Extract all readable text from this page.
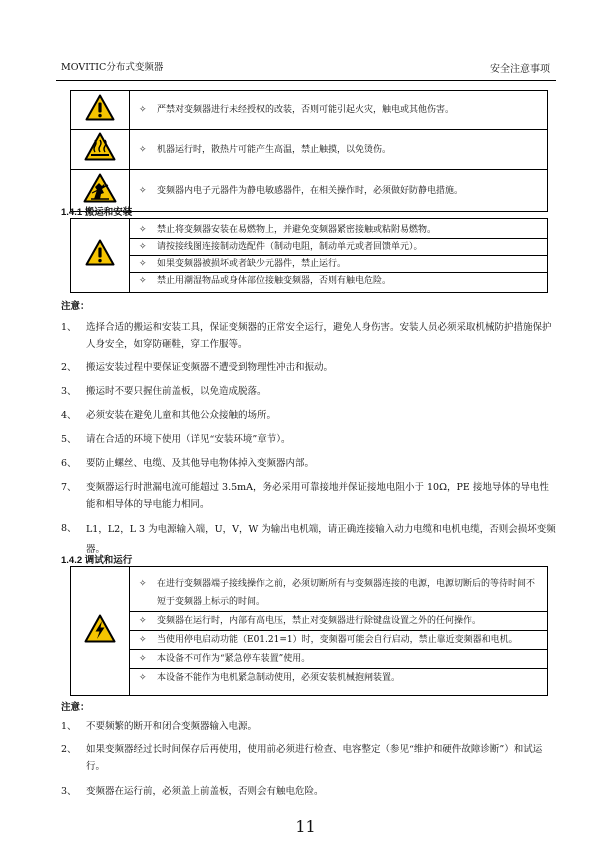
MOVITIC分布式变频器	安全注意事项

✧ 严禁对变频器进行未经授权的改装，否则可能引起火灾，触电或其他伤害。

✧ 机器运行时，散热片可能产生高温，禁止触摸，以免烫伤。

✧ 变频器内电子元器件为静电敏感器件，在相关操作时，必须做好防静电措施。
1.4.1 搬运和安装

✧	禁止将变频器安装在易燃物上，并避免变频器紧密接触或粘附易燃物。
✧	请按接线图连接制动选配件（制动电阻，制动单元或者回馈单元）。
✧	如果变频器被损坏或者缺少元器件，禁止运行。
✧	禁止用潮湿物品或身体部位接触变频器，否则有触电危险。
注意：
1、 选择合适的搬运和安装工具，保证变频器的正常安全运行，避免人身伤害。安装人员必须采取机械防护措施保护人身安全，如穿防砸鞋，穿工作服等。
2、 搬运安装过程中要保证变频器不遭受到物理性冲击和振动。
3、 搬运时不要只握住前盖板，以免造成脱落。
4、 必须安装在避免儿童和其他公众接触的场所。
5、 请在合适的环境下使用（详见“安装环境”章节）。
6、 要防止螺丝、电缆、及其他导电物体掉入变频器内部。
7、 变频器运行时泄漏电流可能超过 3.5mA，务必采用可靠接地并保证接地电阻小于 10Ω，PE 接地导体的导电性能和相导体的导电能力相同。
8、 L1，L2，L 3 为电源输入端，U，V，W 为输出电机端，请正确连接输入动力电缆和电机电缆，否则会损坏变频器。
1.4.2 调试和运行

✧	在进行变频器端子接线操作之前，必须切断所有与变频器连接的电源，电源切断后的等待时间不短于变频器上标示的时间。
✧	变频器在运行时，内部有高电压，禁止对变频器进行除键盘设置之外的任何操作。
✧	当使用停电启动功能（E01.21=1）时，变频器可能会自行启动，禁止靠近变频器和电机。
✧	本设备不可作为“紧急停车装置”使用。
✧	本设备不能作为电机紧急制动使用，必须安装机械抱闸装置。
注意：
1、 不要频繁的断开和闭合变频器输入电源。
2、 如果变频器经过长时间保存后再使用，使用前必须进行检查、电容整定（参见“维护和硬件故障诊断”）和试运行。
3、 变频器在运行前，必须盖上前盖板，否则会有触电危险。
11
